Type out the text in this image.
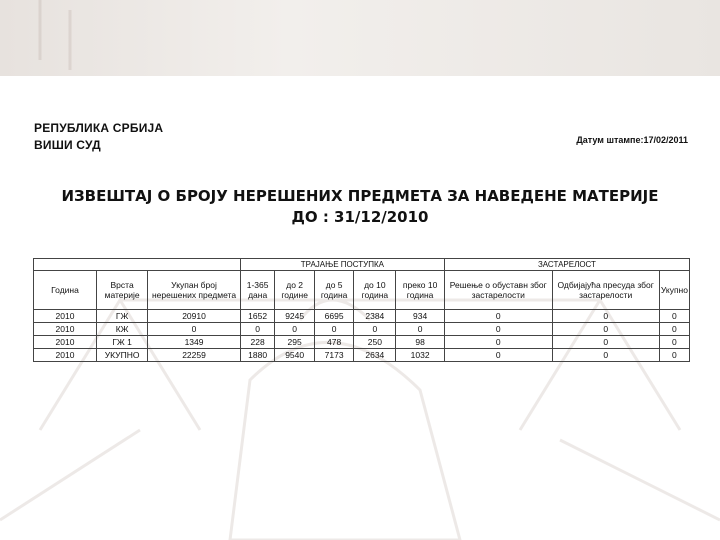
РЕПУБЛИКА СРБИЈА
ВИШИ СУД	Датум штампе:17/02/2011
ИЗВЕШТАЈ О БРОЈУ НЕРЕШЕНИХ ПРЕДМЕТА ЗА НАВЕДЕНЕ МАТЕРИЈЕ
ДО : 31/12/2010
			ТРАЈАЊЕ ПОСТУПКА					ЗАСТАРЕЛОСТ		
Година	Врста материје	Укупан број нерешених предмета	1-365 дана	до 2 године	до 5 година	до 10 година	преко 10 година	Решење о обуставн због застарелости	Одбијајућа пресуда због застарелости	Укупно
2010	ГЖ	20910	1652	9245	6695	2384	934	0	0	0
2010	КЖ	0	0	0	0	0	0	0	0	0
2010	ГЖ 1	1349	228	295	478	250	98	0	0	0
2010	УКУПНО	22259	1880	9540	7173	2634	1032	0	0	0
